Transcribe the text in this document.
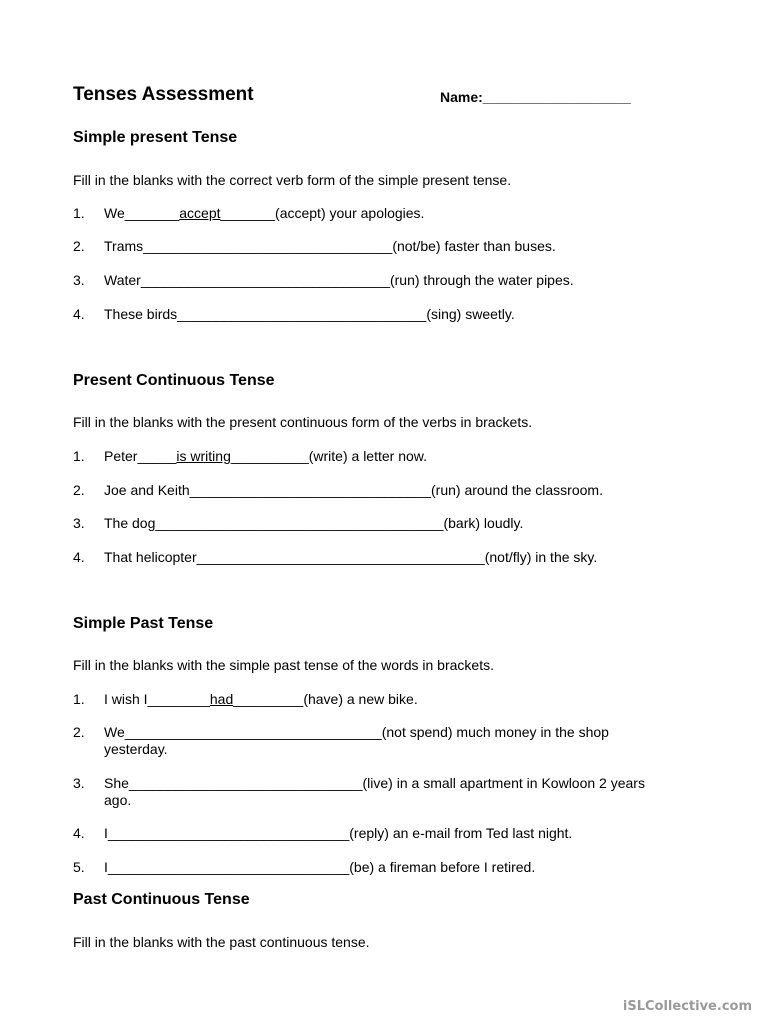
Tenses Assessment	Name:___________________
Simple present Tense
Fill in the blanks with the correct verb form of the simple present tense.
1. We_______accept_______(accept) your apologies.
2. Trams________________________________(not/be) faster than buses.
3. Water________________________________(run) through the water pipes.
4. These birds________________________________(sing) sweetly.
Present Continuous Tense
Fill in the blanks with the present continuous form of the verbs in brackets.
1. Peter_____is writing__________(write) a letter now.
2. Joe and Keith_______________________________(run) around the classroom.
3. The dog_____________________________________(bark) loudly.
4. That helicopter_____________________________________(not/fly) in the sky.
Simple Past Tense
Fill in the blanks with the simple past tense of the words in brackets.
1. I wish I________had_________(have) a new bike.
2. We_________________________________(not spend) much money in the shop
yesterday.
3. She______________________________(live) in a small apartment in Kowloon 2 years
ago.
4. I_______________________________(reply) an e-mail from Ted last night.
5. I_______________________________(be) a fireman before I retired.
Past Continuous Tense
Fill in the blanks with the past continuous tense.
iSLCollective.com
